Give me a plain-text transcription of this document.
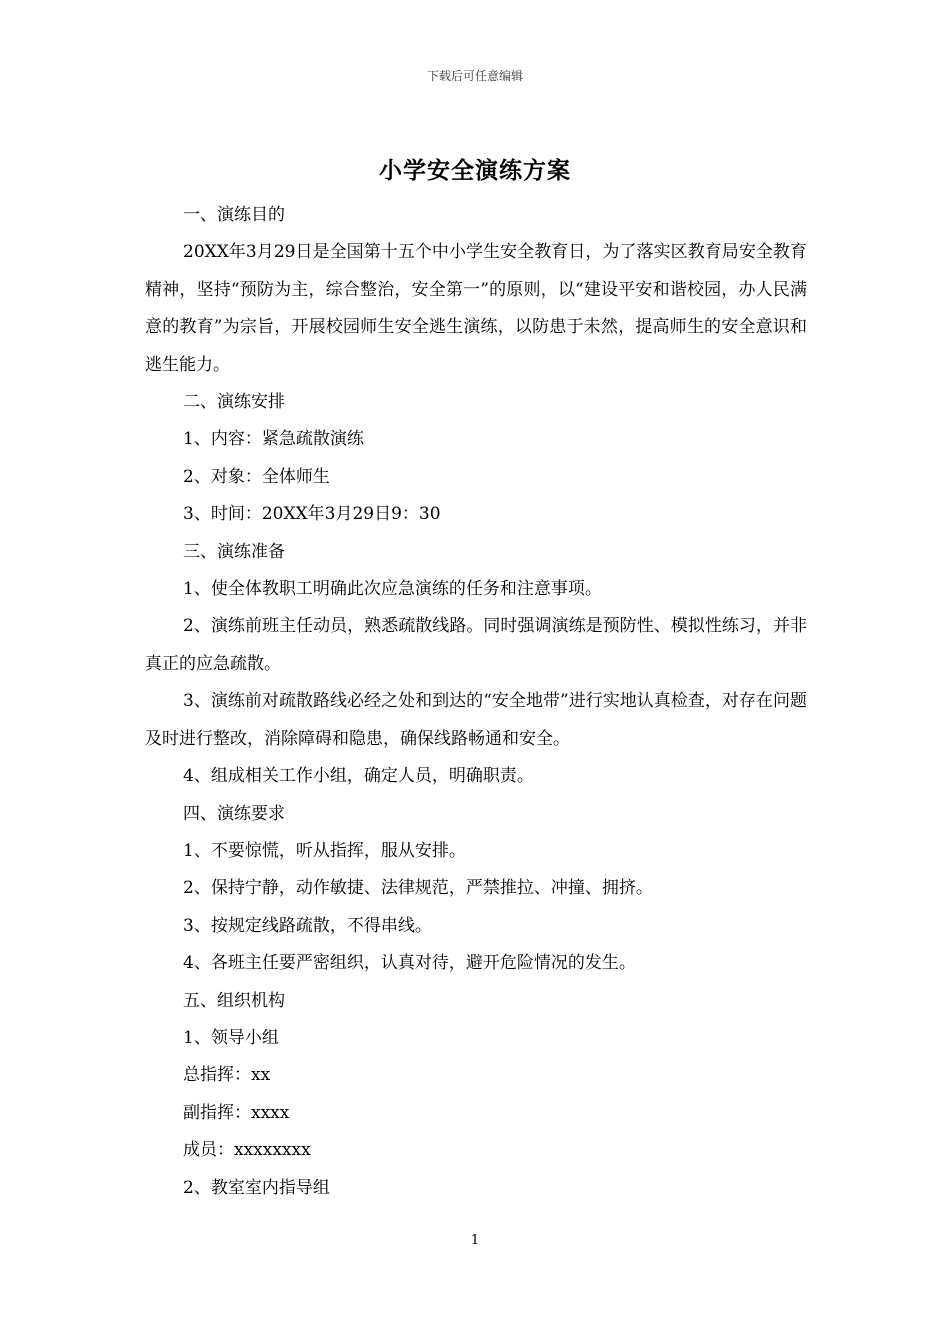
下载后可任意编辑
小学安全演练方案

一、演练目的

20XX年3月29日是全国第十五个中小学生安全教育日，为了落实区教育局安全教育精神，坚持“预防为主，综合整治，安全第一”的原则，以“建设平安和谐校园，办人民满意的教育”为宗旨，开展校园师生安全逃生演练，以防患于未然，提高师生的安全意识和逃生能力。

二、演练安排

1、内容：紧急疏散演练

2、对象：全体师生

3、时间：20XX年3月29日9：30

三、演练准备

1、使全体教职工明确此次应急演练的任务和注意事项。

2、演练前班主任动员，熟悉疏散线路。同时强调演练是预防性、模拟性练习，并非真正的应急疏散。

3、演练前对疏散路线必经之处和到达的“安全地带”进行实地认真检查，对存在问题及时进行整改，消除障碍和隐患，确保线路畅通和安全。

4、组成相关工作小组，确定人员，明确职责。

四、演练要求

1、不要惊慌，听从指挥，服从安排。

2、保持宁静，动作敏捷、法律规范，严禁推拉、冲撞、拥挤。

3、按规定线路疏散，不得串线。

4、各班主任要严密组织，认真对待，避开危险情况的发生。

五、组织机构

1、领导小组

总指挥：xx

副指挥：xxxx

成员：xxxxxxxx

2、教室室内指导组

1
